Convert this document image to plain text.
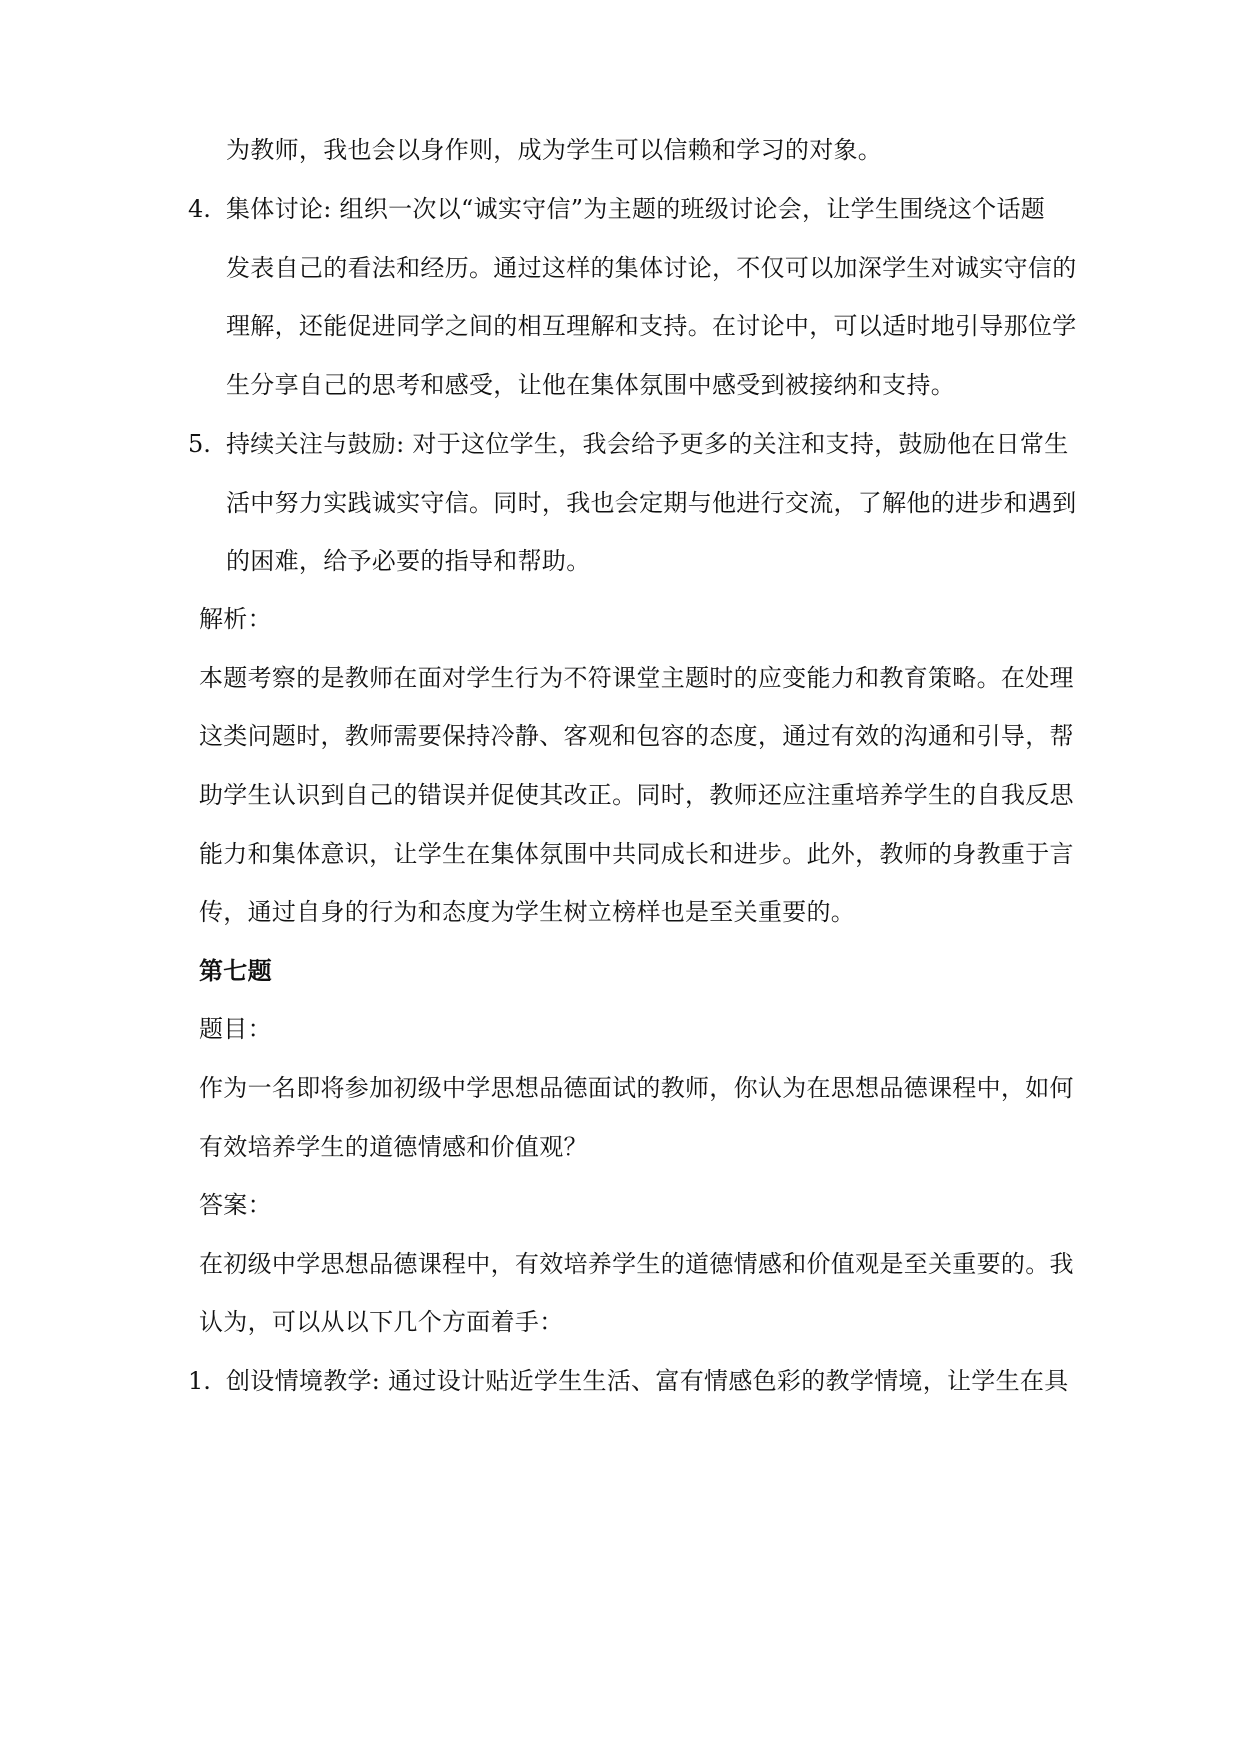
为教师，我也会以身作则，成为学生可以信赖和学习的对象。
4. 集体讨论: 组织一次以“诚实守信”为主题的班级讨论会，让学生围绕这个话题
发表自己的看法和经历。通过这样的集体讨论，不仅可以加深学生对诚实守信的
理解，还能促进同学之间的相互理解和支持。在讨论中，可以适时地引导那位学
生分享自己的思考和感受，让他在集体氛围中感受到被接纳和支持。
5. 持续关注与鼓励: 对于这位学生，我会给予更多的关注和支持，鼓励他在日常生
活中努力实践诚实守信。同时，我也会定期与他进行交流，了解他的进步和遇到
的困难，给予必要的指导和帮助。
解析：
本题考察的是教师在面对学生行为不符课堂主题时的应变能力和教育策略。在处理
这类问题时，教师需要保持冷静、客观和包容的态度，通过有效的沟通和引导，帮
助学生认识到自己的错误并促使其改正。同时，教师还应注重培养学生的自我反思
能力和集体意识，让学生在集体氛围中共同成长和进步。此外，教师的身教重于言
传，通过自身的行为和态度为学生树立榜样也是至关重要的。
第七题
题目：
作为一名即将参加初级中学思想品德面试的教师，你认为在思想品德课程中，如何
有效培养学生的道德情感和价值观？
答案：
在初级中学思想品德课程中，有效培养学生的道德情感和价值观是至关重要的。我
认为，可以从以下几个方面着手：
1. 创设情境教学: 通过设计贴近学生生活、富有情感色彩的教学情境，让学生在具
